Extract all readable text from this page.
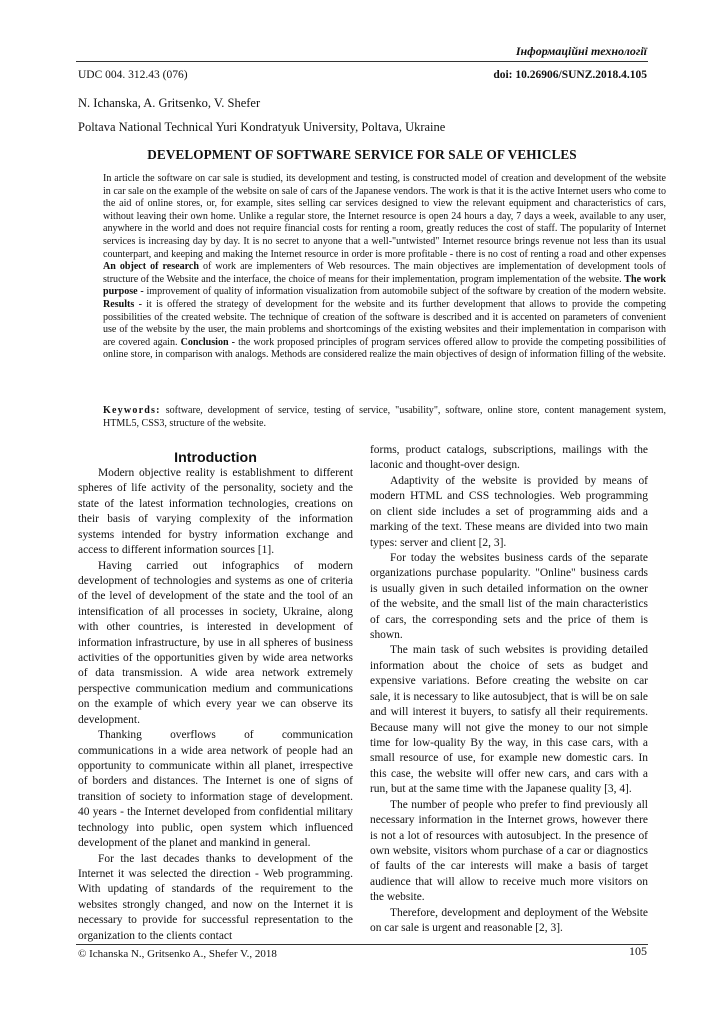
Інформаційні технології
UDC 004. 312.43 (076)	doi: 10.26906/SUNZ.2018.4.105
N. Ichanska, A. Gritsenko, V. Shefer
Poltava National Technical Yuri Kondratyuk University, Poltava, Ukraine
DEVELOPMENT OF SOFTWARE SERVICE FOR SALE OF VEHICLES

In article the software on car sale is studied, its development and testing, is constructed model of creation and development of the website in car sale on the example of the website on sale of cars of the Japanese vendors. The work is that it is the active Internet users who come to the aid of online stores, or, for example, sites selling car services designed to view the relevant equipment and characteristics of cars, without leaving their own home. Unlike a regular store, the Internet resource is open 24 hours a day, 7 days a week, available to any user, anywhere in the world and does not require financial costs for renting a room, greatly reduces the cost of staff. The popularity of Internet services is increasing day by day. It is no secret to anyone that a well-"untwisted" Internet resource brings revenue not less than its usual counterpart, and keeping and making the Internet resource in order is more profitable - there is no cost of renting a road and other expenses An object of research of work are implementers of Web resources. The main objectives are implementation of development tools of structure of the Website and the interface, the choice of means for their implementation, program implementation of the website. The work purpose - improvement of quality of information visualization from automobile subject of the software by creation of the modern website. Results - it is offered the strategy of development for the website and its further development that allows to provide the competing possibilities of the created website. The technique of creation of the software is described and it is accented on parameters of convenient use of the website by the user, the main problems and shortcomings of the existing websites and their implementation in comparison with are covered again. Conclusion - the work proposed principles of program services offered allow to provide the competing possibilities of online store, in comparison with analogs. Methods are considered realize the main objectives of design of information filling of the website.

Keywords: software, development of service, testing of service, "usability", software, online store, content management system, HTML5, CSS3, structure of the website.
Introduction

Modern objective reality is establishment to different spheres of life activity of the personality, society and the state of the latest information technologies, creations on their basis of varying complexity of the information systems intended for bystry information exchange and access to different information sources [1].

Having carried out infographics of modern development of technologies and systems as one of criteria of the level of development of the state and the tool of an intensification of all processes in society, Ukraine, along with other countries, is interested in development of information infrastructure, by use in all spheres of business activities of the opportunities given by wide area networks of data transmission. A wide area network extremely perspective communication medium and communications on the example of which every year we can observe its development.

Thanking overflows of communication communications in a wide area network of people had an opportunity to communicate within all planet, irrespective of borders and distances. The Internet is one of signs of transition of society to information stage of development. 40 years - the Internet developed from confidential military technology into public, open system which influenced development of the planet and mankind in general.

For the last decades thanks to development of the Internet it was selected the direction - Web programming. With updating of standards of the requirement to the websites strongly changed, and now on the Internet it is necessary to provide for successful representation to the organization to the clients contact

forms, product catalogs, subscriptions, mailings with the laconic and thought-over design.

Adaptivity of the website is provided by means of modern HTML and CSS technologies. Web programming on client side includes a set of programming aids and a marking of the text. These means are divided into two main types: server and client [2, 3].

For today the websites business cards of the separate organizations purchase popularity. "Online" business cards is usually given in such detailed information on the owner of the website, and the small list of the main characteristics of cars, the corresponding sets and the price of them is shown.

The main task of such websites is providing detailed information about the choice of sets as budget and expensive variations. Before creating the website on car sale, it is necessary to like autosubject, that is will be on sale and will interest it buyers, to satisfy all their requirements. Because many will not give the money to our not simple time for low-quality By the way, in this case cars, with a small resource of use, for example new domestic cars. In this case, the website will offer new cars, and cars with a run, but at the same time with the Japanese quality [3, 4].

The number of people who prefer to find previously all necessary information in the Internet grows, however there is not a lot of resources with autosubject. In the presence of own website, visitors whom purchase of a car or diagnostics of faults of the car interests will make a basis of target audience that will allow to receive much more visitors on the website.

Therefore, development and deployment of the Website on car sale is urgent and reasonable [2, 3].

© Ichanska N., Gritsenko A., Shefer V., 2018	105
